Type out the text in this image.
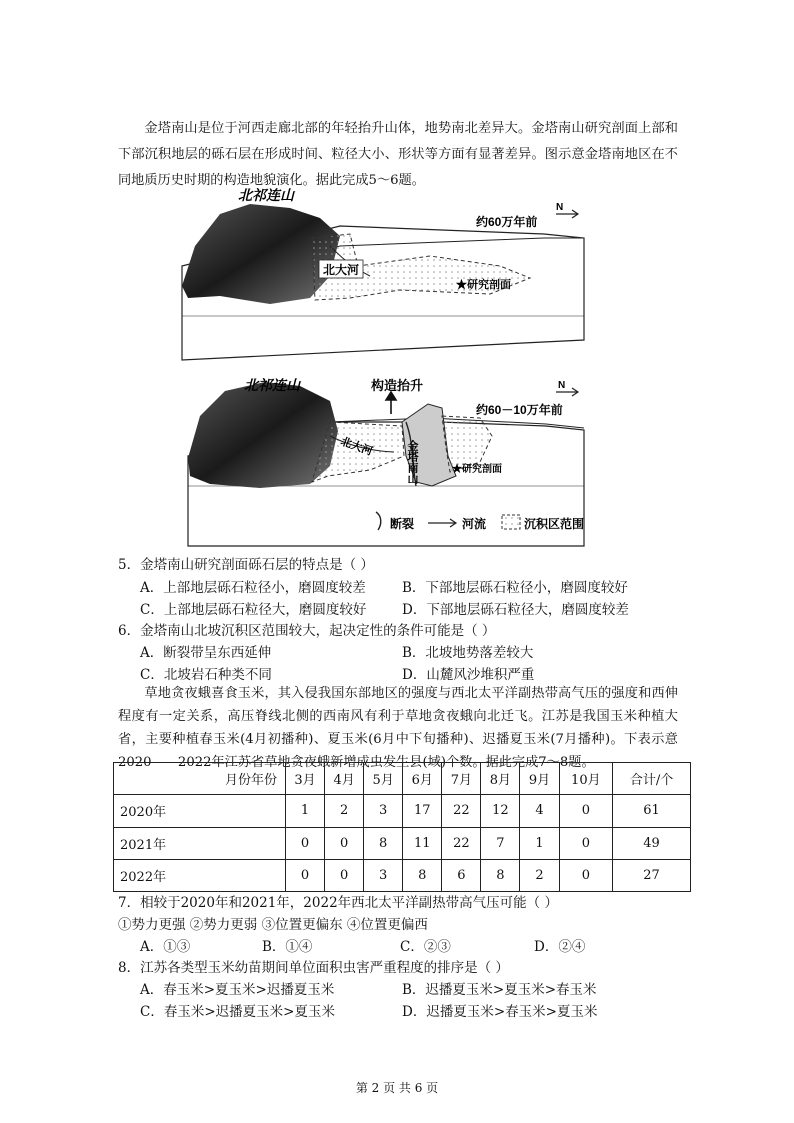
金塔南山是位于河西走廊北部的年轻抬升山体，地势南北差异大。金塔南山研究剖面上部和下部沉积地层的砾石层在形成时间、粒径大小、形状等方面有显著差异。图示意金塔南地区在不同地质历史时期的构造地貌演化。据此完成5～6题。

北祁连山
N
约60万年前
北大河
★研究剖面
北祁连山	构造抬升	N
约60－10万年前
北大河	金塔南山	★研究剖面
断裂	河流	沉积区范围

5．金塔南山研究剖面砾石层的特点是（ ）

A．上部地层砾石粒径小，磨圆度较差	B．下部地层砾石粒径小，磨圆度较好

C．上部地层砾石粒径大，磨圆度较好	D．下部地层砾石粒径大，磨圆度较差

6．金塔南山北坡沉积区范围较大，起决定性的条件可能是（ ）

A．断裂带呈东西延伸	B．北坡地势落差较大

C．北坡岩石种类不同	D．山麓风沙堆积严重

草地贪夜蛾喜食玉米，其入侵我国东部地区的强度与西北太平洋副热带高气压的强度和西伸程度有一定关系，高压脊线北侧的西南风有利于草地贪夜蛾向北迁飞。江苏是我国玉米种植大省，主要种植春玉米(4月初播种)、夏玉米(6月中下旬播种)、迟播夏玉米(7月播种)。下表示意2020——2022年江苏省草地贪夜蛾新增成虫发生县(域)个数。据此完成7～8题。

月份年份	3月	4月	5月	6月	7月	8月	9月	10月	合计/个
2020年	1	2	3	17	22	12	4	0	61
2021年	0	0	8	11	22	7	1	0	49
2022年	0	0	3	8	6	8	2	0	27

7．相较于2020年和2021年，2022年西北太平洋副热带高气压可能（ ）

①势力更强 ②势力更弱 ③位置更偏东 ④位置更偏西

A．①③	B．①④	C．②③	D．②④

8．江苏各类型玉米幼苗期间单位面积虫害严重程度的排序是（ ）

A．春玉米>夏玉米>迟播夏玉米	B．迟播夏玉米>夏玉米>春玉米

C．春玉米>迟播夏玉米>夏玉米	D．迟播夏玉米>春玉米>夏玉米

第 2 页 共 6 页
